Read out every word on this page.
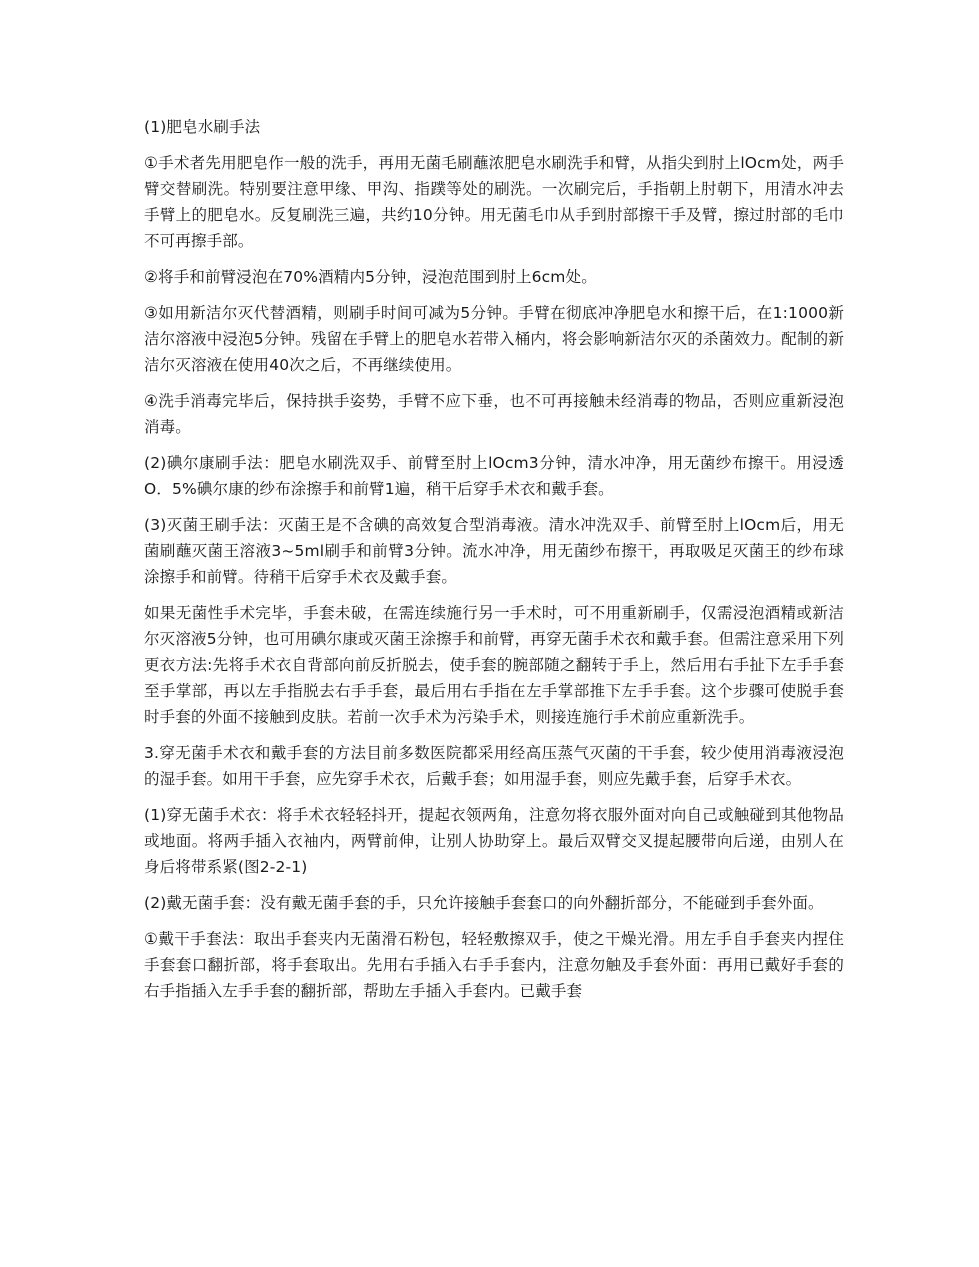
(1)肥皂水刷手法

①手术者先用肥皂作一般的洗手，再用无菌毛刷蘸浓肥皂水刷洗手和臂，从指尖到肘上lOcm处，两手臂交替刷洗。特别要注意甲缘、甲沟、指蹼等处的刷洗。一次刷完后，手指朝上肘朝下，用清水冲去手臂上的肥皂水。反复刷洗三遍，共约10分钟。用无菌毛巾从手到肘部擦干手及臂，擦过肘部的毛巾不可再擦手部。

②将手和前臂浸泡在70%酒精内5分钟，浸泡范围到肘上6cm处。

③如用新洁尔灭代替酒精，则刷手时间可减为5分钟。手臂在彻底冲净肥皂水和擦干后，在1:1000新洁尔溶液中浸泡5分钟。残留在手臂上的肥皂水若带入桶内，将会影响新洁尔灭的杀菌效力。配制的新洁尔灭溶液在使用40次之后，不再继续使用。

④洗手消毒完毕后，保持拱手姿势，手臂不应下垂，也不可再接触未经消毒的物品，否则应重新浸泡消毒。

(2)碘尔康刷手法：肥皂水刷洗双手、前臂至肘上lOcm3分钟，清水冲净，用无菌纱布擦干。用浸透O．5%碘尔康的纱布涂擦手和前臂1遍，稍干后穿手术衣和戴手套。

(3)灭菌王刷手法：灭菌王是不含碘的高效复合型消毒液。清水冲洗双手、前臂至肘上lOcm后，用无菌刷蘸灭菌王溶液3~5ml刷手和前臂3分钟。流水冲净，用无菌纱布擦干，再取吸足灭菌王的纱布球涂擦手和前臂。待稍干后穿手术衣及戴手套。

如果无菌性手术完毕，手套未破，在需连续施行另一手术时，可不用重新刷手，仅需浸泡酒精或新洁尔灭溶液5分钟，也可用碘尔康或灭菌王涂擦手和前臂，再穿无菌手术衣和戴手套。但需注意采用下列更衣方法:先将手术衣自背部向前反折脱去，使手套的腕部随之翻转于手上，然后用右手扯下左手手套至手掌部，再以左手指脱去右手手套，最后用右手指在左手掌部推下左手手套。这个步骤可使脱手套时手套的外面不接触到皮肤。若前一次手术为污染手术，则接连施行手术前应重新洗手。

3.穿无菌手术衣和戴手套的方法目前多数医院都采用经高压蒸气灭菌的干手套，较少使用消毒液浸泡的湿手套。如用干手套，应先穿手术衣，后戴手套；如用湿手套，则应先戴手套，后穿手术衣。

(1)穿无菌手术衣：将手术衣轻轻抖开，提起衣领两角，注意勿将衣服外面对向自己或触碰到其他物品或地面。将两手插入衣袖内，两臂前伸，让别人协助穿上。最后双臂交叉提起腰带向后递，由别人在身后将带系紧(图2-2-1)

(2)戴无菌手套：没有戴无菌手套的手，只允许接触手套套口的向外翻折部分，不能碰到手套外面。

①戴干手套法：取出手套夹内无菌滑石粉包，轻轻敷擦双手，使之干燥光滑。用左手自手套夹内捏住手套套口翻折部，将手套取出。先用右手插入右手手套内，注意勿触及手套外面：再用已戴好手套的右手指插入左手手套的翻折部，帮助左手插入手套内。已戴手套
